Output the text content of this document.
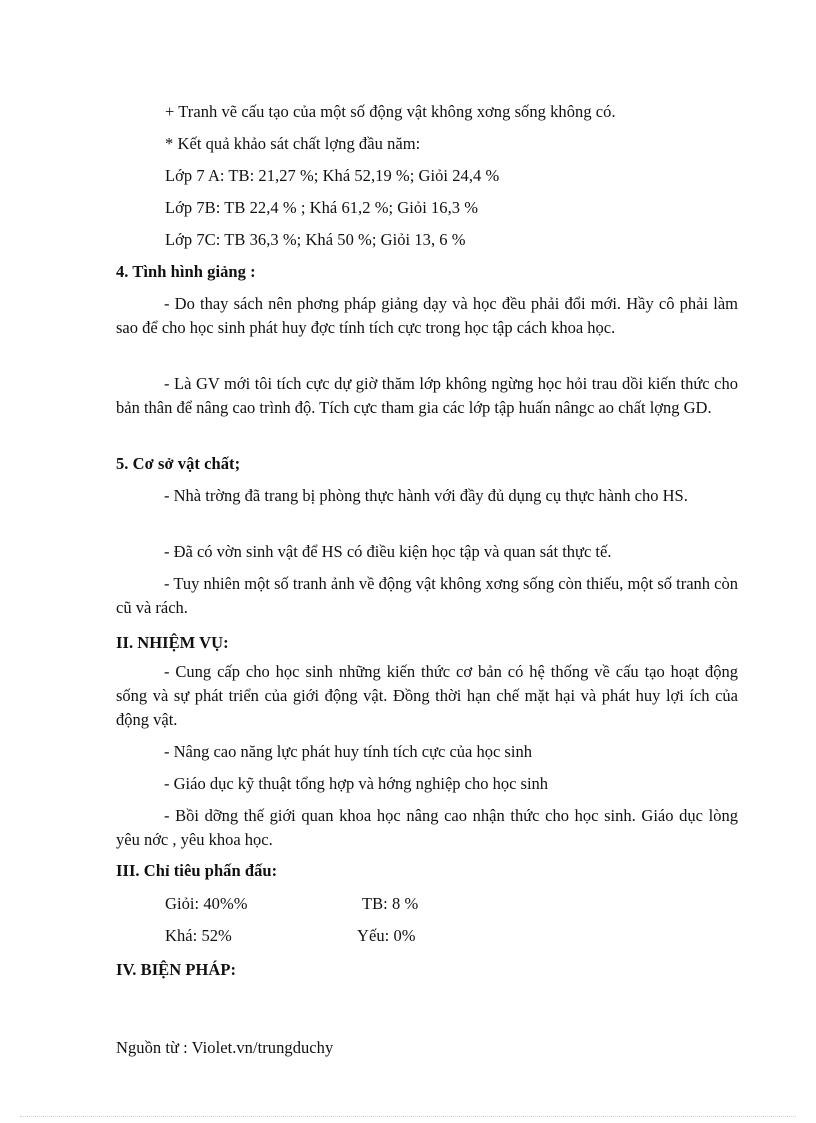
+ Tranh vẽ cấu tạo của một số động vật không xơng sống không có.
* Kết quả khảo sát chất lợng đầu năm:
Lớp 7 A: TB: 21,27 %; Khá 52,19 %; Giỏi 24,4 %
Lớp 7B: TB 22,4 % ; Khá 61,2 %; Giỏi 16,3 %
Lớp 7C: TB 36,3 %; Khá 50 %; Giỏi 13, 6 %
4. Tình hình giảng :

- Do thay sách nên phơng pháp giảng dạy và học đều phải đổi mới. Hầy cô phải làm sao để cho học sinh phát huy đợc tính tích cực trong học tập cách khoa học.

- Là GV mới tôi tích cực dự giờ thăm lớp không ngừng học hỏi trau dồi kiến thức cho bản thân để nâng cao trình độ. Tích cực tham gia các lớp tập huấn nângc ao chất lợng GD.

5. Cơ sở vật chất;

- Nhà trờng đã trang bị phòng thực hành với đầy đủ dụng cụ thực hành cho HS.

- Đã có vờn sinh vật để HS có điều kiện học tập và quan sát thực tế.

- Tuy nhiên một số tranh ảnh về động vật không xơng sống còn thiếu, một số tranh còn cũ và rách.

II. NHIỆM VỤ:

- Cung cấp cho học sinh những kiến thức cơ bản có hệ thống về cấu tạo hoạt động sống và sự phát triển của giới động vật. Đồng thời hạn chế mặt hại và phát huy lợi ích của động vật.

- Nâng cao năng lực phát huy tính tích cực của học sinh

- Giáo dục kỹ thuật tổng hợp và hớng nghiệp cho học sinh

- Bồi dỡng thế giới quan khoa học nâng cao nhận thức cho học sinh. Giáo dục lòng yêu nớc , yêu khoa học.

III. Chỉ tiêu phấn đấu:
Giỏi: 40%%	TB: 8 %
Khá: 52%	Yếu: 0%
IV. BIỆN PHÁP:
Nguồn từ : Violet.vn/trungduchy
